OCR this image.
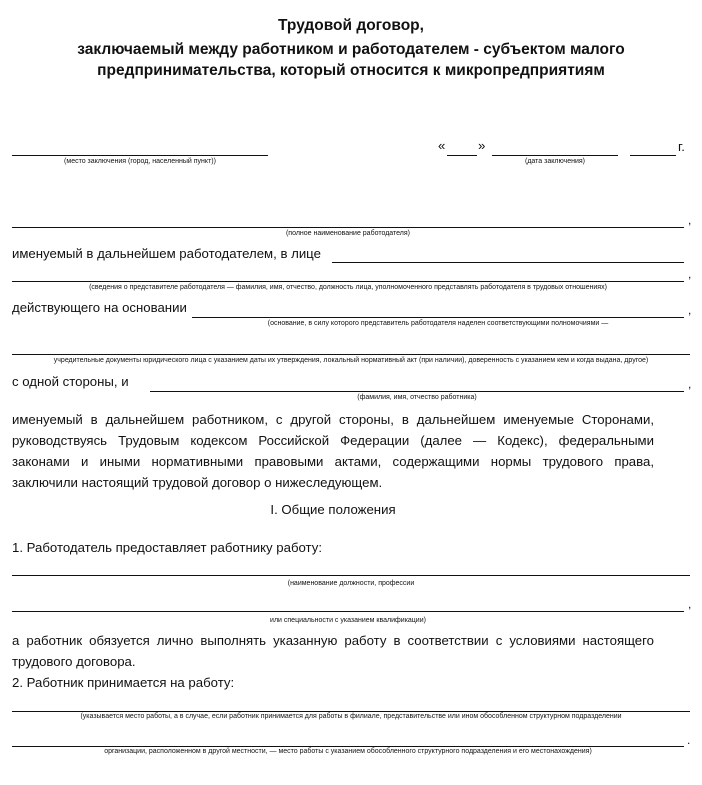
Трудовой договор,
заключаемый между работником и работодателем - субъектом малого
предпринимательства, который относится к микропредприятиям
(место заключения (город, населенный пункт))
« »
(дата заключения)
г.
,
(полное наименование работодателя)
именуемый в дальнейшем работодателем, в лице
,
(сведения о представителе работодателя — фамилия, имя, отчество, должность лица, уполномоченного представлять работодателя в трудовых отношениях)
действующего на основании	,
(основание, в силу которого представитель работодателя наделен соответствующими полномочиями —
учредительные документы юридического лица с указанием даты их утверждения, локальный нормативный акт (при наличии), доверенность с указанием кем и когда выдана, другое)
с одной стороны, и	,
(фамилия, имя, отчество работника)
именуемый в дальнейшем работником, с другой стороны, в дальнейшем именуемые Сторонами, руководствуясь Трудовым кодексом Российской Федерации (далее — Кодекс), федеральными законами и иными нормативными правовыми актами, содержащими нормы трудового права, заключили настоящий трудовой договор о нижеследующем.
I. Общие положения
1. Работодатель предоставляет работнику работу:
(наименование должности, профессии
,
или специальности с указанием квалификации)
а работник обязуется лично выполнять указанную работу в соответствии с условиями настоящего трудового договора.
2. Работник принимается на работу:
(указывается место работы, а в случае, если работник принимается для работы в филиале, представительстве или ином обособленном структурном подразделении
.
организации, расположенном в другой местности, — место работы с указанием обособленного структурного подразделения и его местонахождения)
